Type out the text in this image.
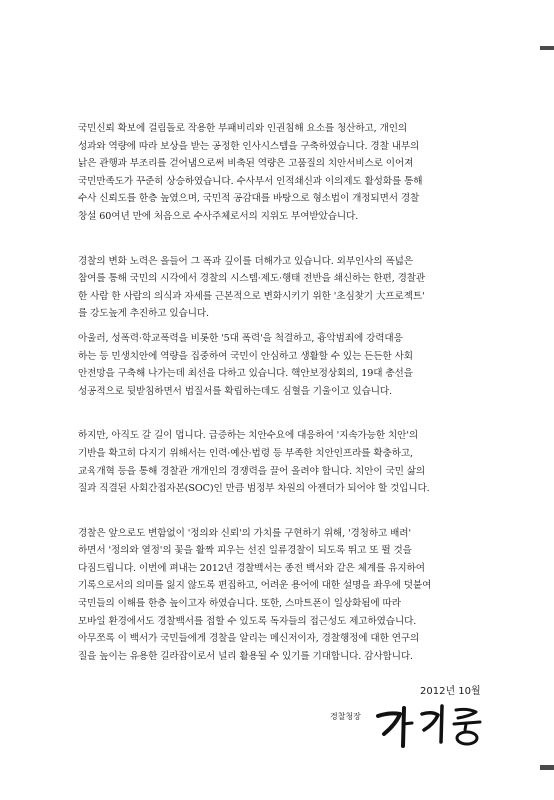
국민신뢰 확보에 걸림돌로 작용한 부패비리와 인권침해 요소를 청산하고, 개인의
성과와 역량에 따라 보상을 받는 공정한 인사시스템을 구축하였습니다. 경찰 내부의
낡은 관행과 부조리를 걷어냄으로써 비축된 역량은 고품질의 치안서비스로 이어져
국민만족도가 꾸준히 상승하였습니다. 수사부서 인적쇄신과 이의제도 활성화를 통해
수사 신뢰도를 한층 높였으며, 국민적 공감대를 바탕으로 형소법이 개정되면서 경찰
창설 60여년 만에 처음으로 수사주체로서의 지위도 부여받았습니다.

경찰의 변화 노력은 올들어 그 폭과 깊이를 더해가고 있습니다. 외부인사의 폭넓은
참여를 통해 국민의 시각에서 경찰의 시스템·제도·행태 전반을 쇄신하는 한편, 경찰관
한 사람 한 사람의 의식과 자세를 근본적으로 변화시키기 위한 '초심찾기 大프로젝트'
를 강도높게 추진하고 있습니다.

아울러, 성폭력·학교폭력을 비롯한 '5대 폭력'을 척결하고, 흉악범죄에 강력대응
하는 등 민생치안에 역량을 집중하여 국민이 안심하고 생활할 수 있는 든든한 사회
안전망을 구축해 나가는데 최선을 다하고 있습니다. 핵안보정상회의, 19대 총선을
성공적으로 뒷받침하면서 법질서를 확립하는데도 심혈을 기울이고 있습니다.

하지만, 아직도 갈 길이 멉니다. 급증하는 치안수요에 대응하여 '지속가능한 치안'의
기반을 확고히 다지기 위해서는 인력·예산·법령 등 부족한 치안인프라를 확충하고,
교육개혁 등을 통해 경찰관 개개인의 경쟁력을 끌어 올려야 합니다. 치안이 국민 삶의
질과 직결된 사회간접자본(SOC)인 만큼 범정부 차원의 아젠더가 되어야 할 것입니다.

경찰은 앞으로도 변함없이 '정의와 신뢰'의 가치를 구현하기 위해, '경청하고 배려'
하면서 '정의와 열정'의 꽃을 활짝 피우는 선진 일류경찰이 되도록 뛰고 또 뛸 것을
다짐드립니다. 이번에 펴내는 2012년 경찰백서는 종전 백서와 같은 체계를 유지하여
기록으로서의 의미를 잃지 않도록 편집하고, 어려운 용어에 대한 설명을 좌우에 덧붙여
국민들의 이해를 한층 높이고자 하였습니다. 또한, 스마트폰이 일상화됨에 따라
모바일 환경에서도 경찰백서를 접할 수 있도록 독자들의 접근성도 제고하였습니다.
아무쪼록 이 백서가 국민들에게 경찰을 알리는 메신저이자, 경찰행정에 대한 연구의
질을 높이는 유용한 길라잡이로서 널리 활용될 수 있기를 기대합니다. 감사합니다.

2012년 10월
경찰청장
